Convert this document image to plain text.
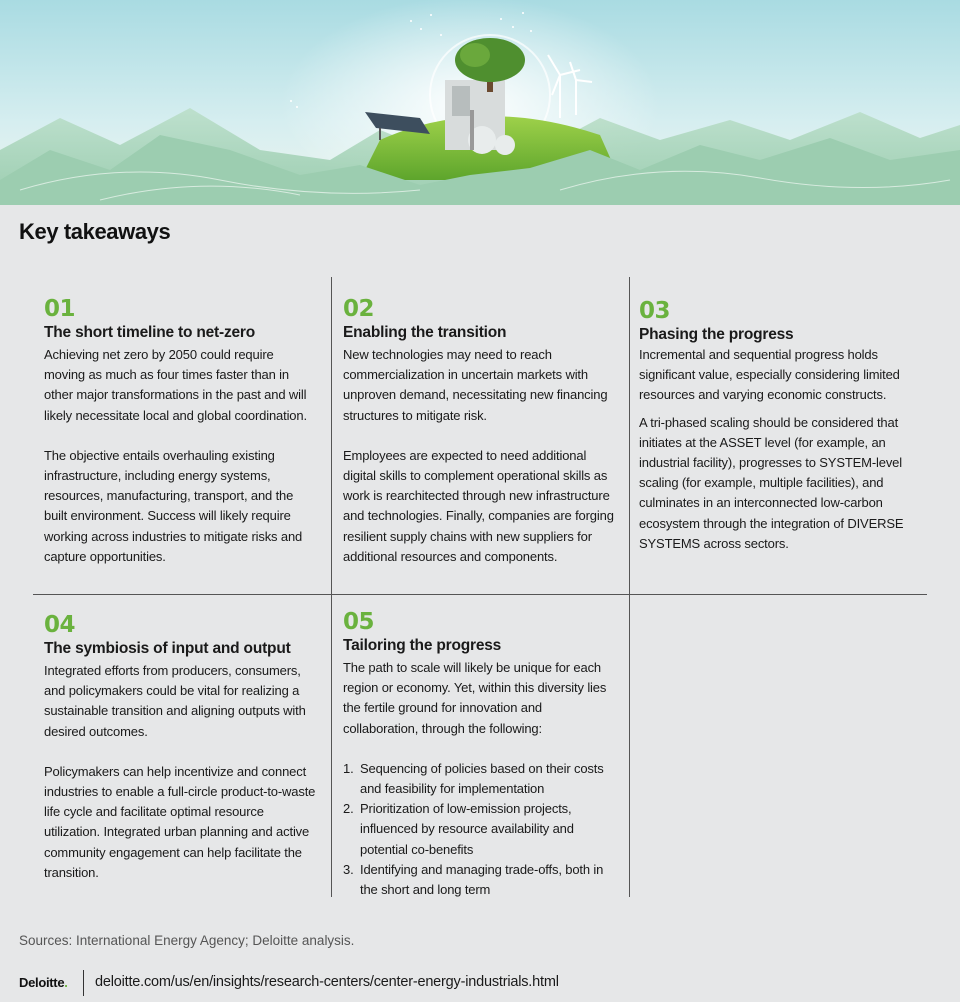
Key takeaways
01
The short timeline to net-zero

Achieving net zero by 2050 could require moving as much as four times faster than in other major transformations in the past and will likely necessitate local and global coordination.

The objective entails overhauling existing infrastructure, including energy systems, resources, manufacturing, transport, and the built environment. Success will likely require working across industries to mitigate risks and capture opportunities.

02
Enabling the transition

New technologies may need to reach commercialization in uncertain markets with unproven demand, necessitating new financing structures to mitigate risk.

Employees are expected to need additional digital skills to complement operational skills as work is rearchitected through new infrastructure and technologies. Finally, companies are forging resilient supply chains with new suppliers for additional resources and components.

03
Phasing the progress

Incremental and sequential progress holds significant value, especially considering limited resources and varying economic constructs.

A tri-phased scaling should be considered that initiates at the ASSET level (for example, an industrial facility), progresses to SYSTEM-level scaling (for example, multiple facilities), and culminates in an interconnected low-carbon ecosystem through the integration of DIVERSE SYSTEMS across sectors.

04
The symbiosis of input and output

Integrated efforts from producers, consumers, and policymakers could be vital for realizing a sustainable transition and aligning outputs with desired outcomes.

Policymakers can help incentivize and connect industries to enable a full-circle product-to-waste life cycle and facilitate optimal resource utilization. Integrated urban planning and active community engagement can help facilitate the transition.

05
Tailoring the progress

The path to scale will likely be unique for each region or economy. Yet, within this diversity lies the fertile ground for innovation and collaboration, through the following:

1. Sequencing of policies based on their costs and feasibility for implementation
2. Prioritization of low-emission projects, influenced by resource availability and potential co-benefits
3. Identifying and managing trade-offs, both in the short and long term
Sources: International Energy Agency; Deloitte analysis.
Deloitte. deloitte.com/us/en/insights/research-centers/center-energy-industrials.html
